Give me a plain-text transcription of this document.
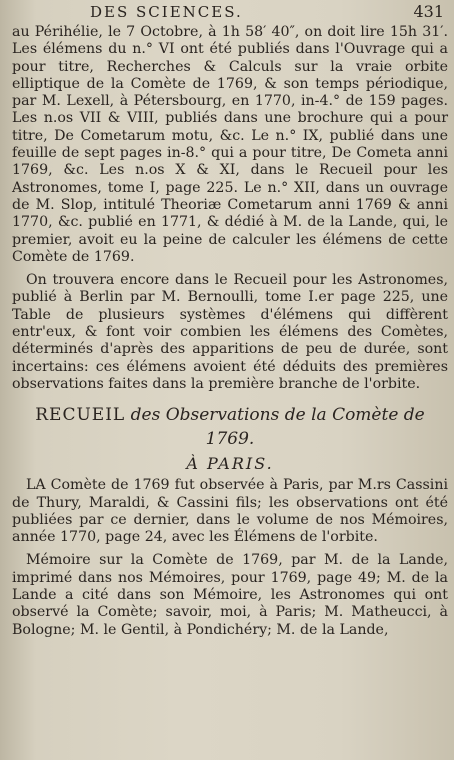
DES SCIENCES.	431

au Périhélie, le 7 Octobre, à 1h 58′ 40″, on doit lire 15h 31′. Les élémens du n.° VI ont été publiés dans l'Ouvrage qui a pour titre, Recherches & Calculs sur la vraie orbite elliptique de la Comète de 1769, & son temps périodique, par M. Lexell, à Pétersbourg, en 1770, in-4.° de 159 pages. Les n.os VII & VIII, publiés dans une brochure qui a pour titre, De Cometarum motu, &c. Le n.° IX, publié dans une feuille de sept pages in-8.° qui a pour titre, De Cometa anni 1769, &c. Les n.os X & XI, dans le Recueil pour les Astronomes, tome I, page 225. Le n.° XII, dans un ouvrage de M. Slop, intitulé Theoriæ Cometarum anni 1769 & anni 1770, &c. publié en 1771, & dédié à M. de la Lande, qui, le premier, avoit eu la peine de calculer les élémens de cette Comète de 1769.

On trouvera encore dans le Recueil pour les Astronomes, publié à Berlin par M. Bernoulli, tome I.er page 225, une Table de plusieurs systèmes d'élémens qui diffèrent entr'eux, & font voir combien les élémens des Comètes, déterminés d'après des apparitions de peu de durée, sont incertains: ces élémens avoient été déduits des premières observations faites dans la première branche de l'orbite.

RECUEIL des Observations de la Comète de 1769.
À PARIS.

LA Comète de 1769 fut observée à Paris, par M.rs Cassini de Thury, Maraldi, & Cassini fils; les observations ont été publiées par ce dernier, dans le volume de nos Mémoires, année 1770, page 24, avec les Élémens de l'orbite.

Mémoire sur la Comète de 1769, par M. de la Lande, imprimé dans nos Mémoires, pour 1769, page 49; M. de la Lande a cité dans son Mémoire, les Astronomes qui ont observé la Comète; savoir, moi, à Paris; M. Matheucci, à Bologne; M. le Gentil, à Pondichéry; M. de la Lande,
